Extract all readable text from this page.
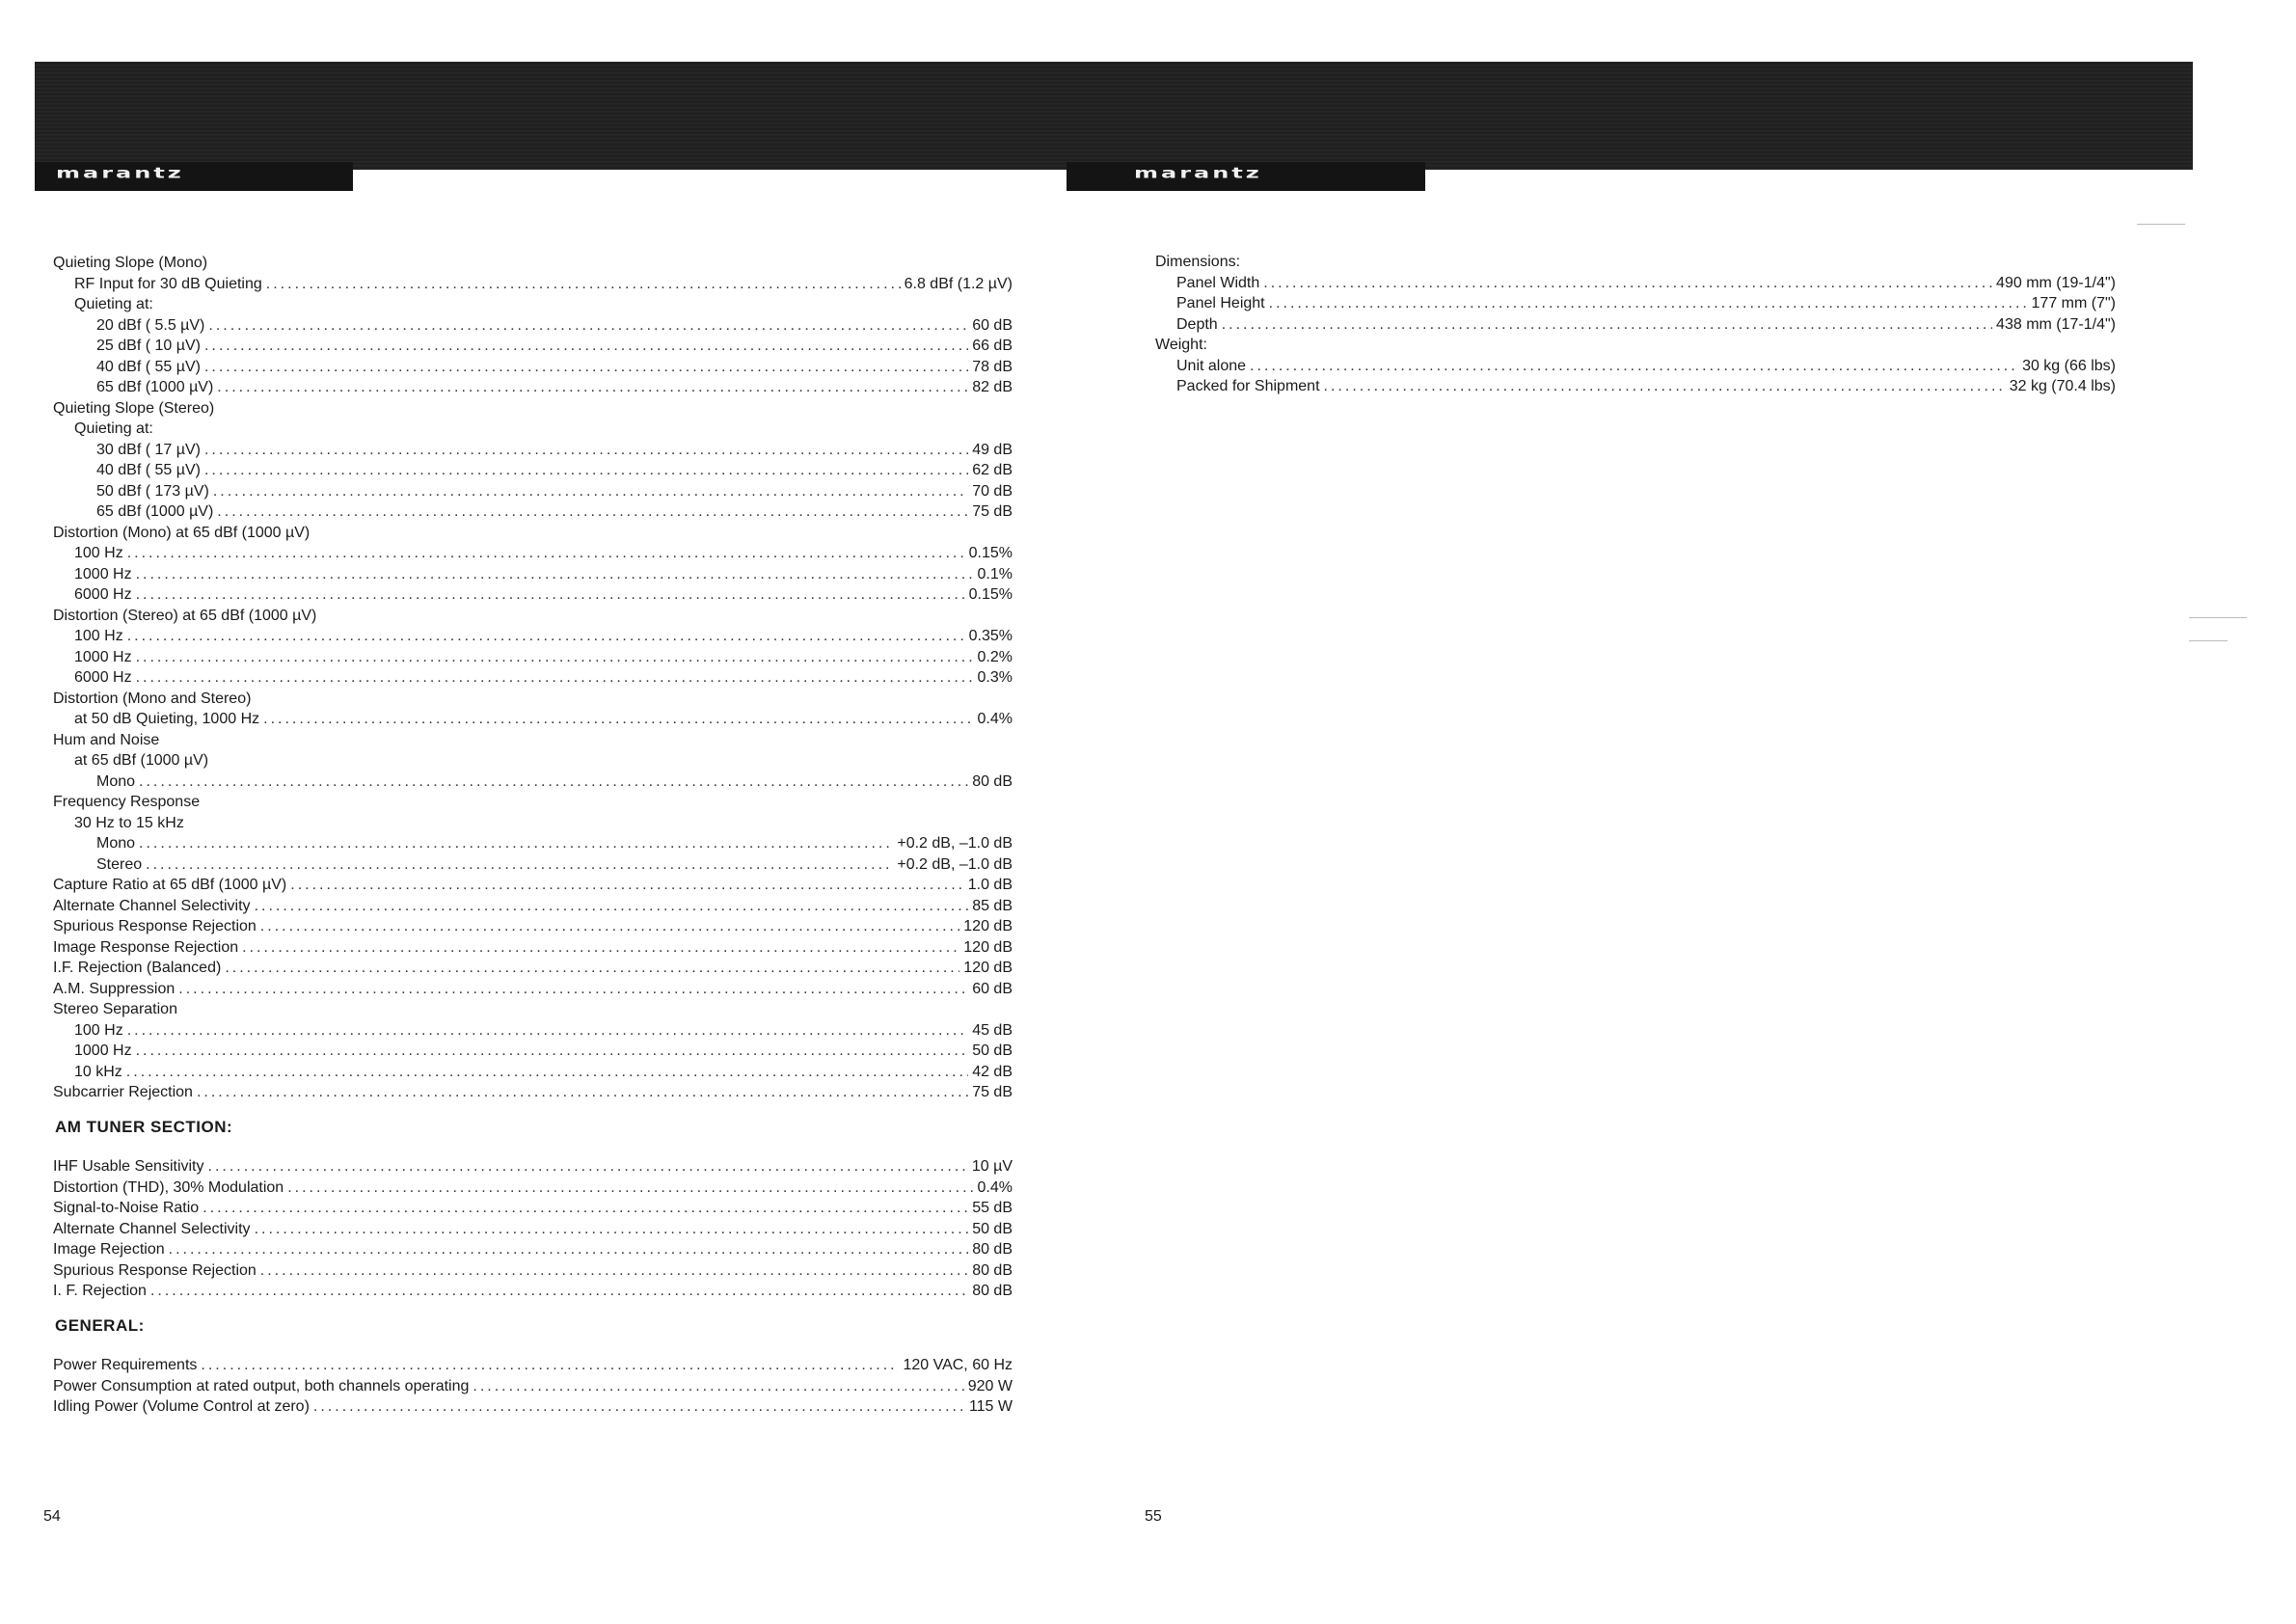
marantz	marantz
Quieting Slope (Mono)
RF Input for 30 dB Quieting .....	6.8 dBf (1.2 µV)
Quieting at:
20 dBf ( 5.5 µV) .....	60 dB
25 dBf ( 10 µV) .....	66 dB
40 dBf ( 55 µV) .....	78 dB
65 dBf (1000 µV) .....	82 dB
Quieting Slope (Stereo)
Quieting at:
30 dBf ( 17 µV) .....	49 dB
40 dBf ( 55 µV) .....	62 dB
50 dBf ( 173 µV) .....	70 dB
65 dBf (1000 µV) .....	75 dB
Distortion (Mono) at 65 dBf (1000 µV)
100 Hz .....	0.15%
1000 Hz .....	0.1%
6000 Hz .....	0.15%
Distortion (Stereo) at 65 dBf (1000 µV)
100 Hz .....	0.35%
1000 Hz .....	0.2%
6000 Hz .....	0.3%
Distortion (Mono and Stereo)
at 50 dB Quieting, 1000 Hz .....	0.4%
Hum and Noise
at 65 dBf (1000 µV)
Mono .....	80 dB
Frequency Response
30 Hz to 15 kHz
Mono .....	+0.2 dB, –1.0 dB
Stereo .....	+0.2 dB, –1.0 dB
Capture Ratio at 65 dBf (1000 µV) .....	1.0 dB
Alternate Channel Selectivity .....	85 dB
Spurious Response Rejection .....	120 dB
Image Response Rejection .....	120 dB
I.F. Rejection (Balanced) .....	120 dB
A.M. Suppression .....	60 dB
Stereo Separation
100 Hz .....	45 dB
1000 Hz .....	50 dB
10 kHz .....	42 dB
Subcarrier Rejection .....	75 dB
AM TUNER SECTION:
IHF Usable Sensitivity .....	10 µV
Distortion (THD), 30% Modulation .....	0.4%
Signal-to-Noise Ratio .....	55 dB
Alternate Channel Selectivity .....	50 dB
Image Rejection .....	80 dB
Spurious Response Rejection .....	80 dB
I. F. Rejection .....	80 dB
GENERAL:
Power Requirements .....	120 VAC, 60 Hz
Power Consumption at rated output, both channels operating .....	920 W
Idling Power (Volume Control at zero) .....	115 W
Dimensions:
Panel Width .....	490 mm (19-1/4")
Panel Height .....	177 mm (7")
Depth .....	438 mm (17-1/4")
Weight:
Unit alone .....	30 kg (66 lbs)
Packed for Shipment .....	32 kg (70.4 lbs)
54	55
